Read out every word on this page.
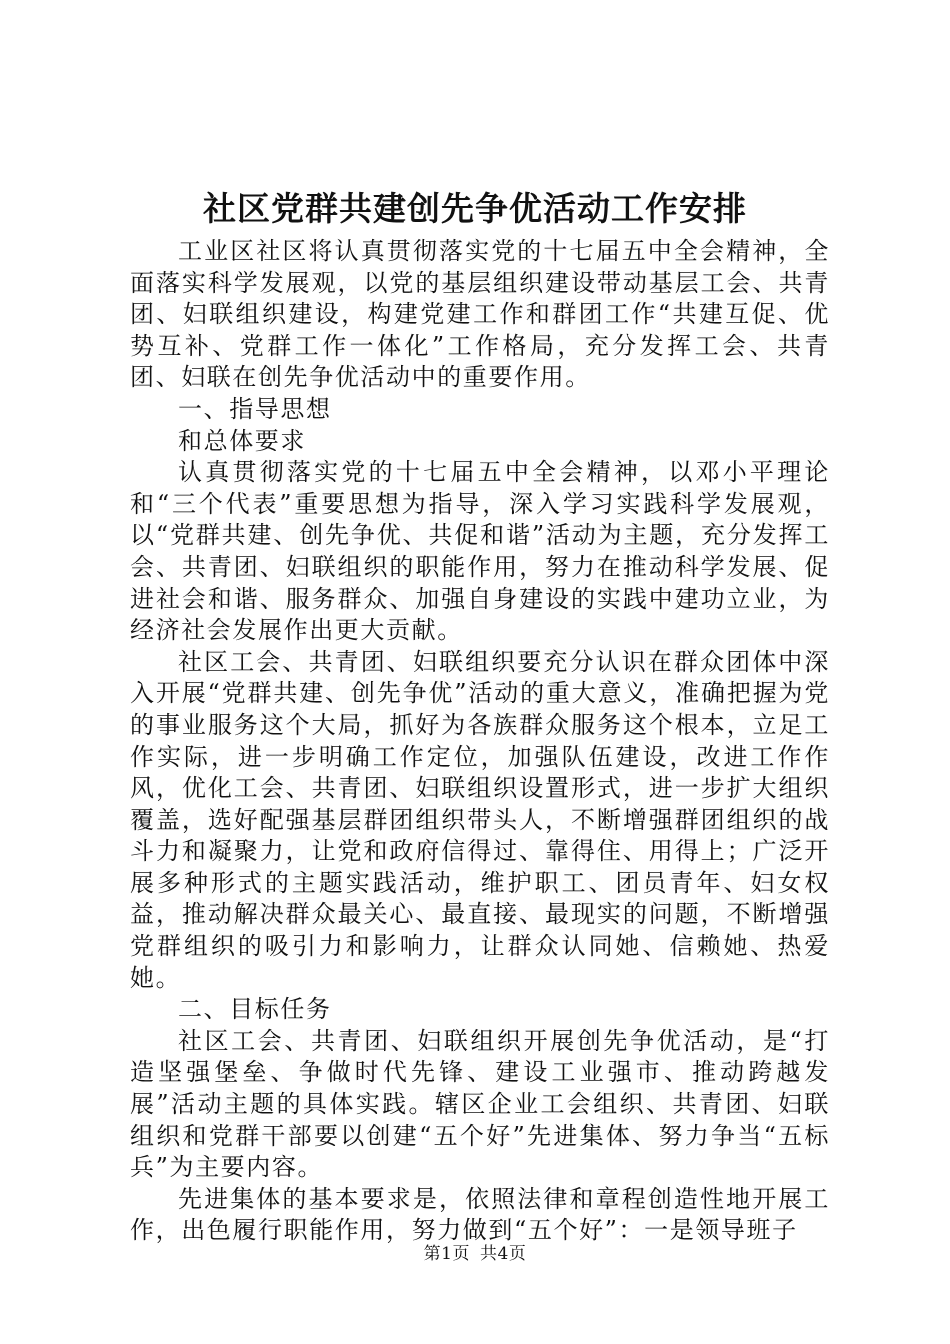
社区党群共建创先争优活动工作安排

工业区社区将认真贯彻落实党的十七届五中全会精神，全面落实科学发展观，以党的基层组织建设带动基层工会、共青团、妇联组织建设，构建党建工作和群团工作“共建互促、优势互补、党群工作一体化”工作格局，充分发挥工会、共青团、妇联在创先争优活动中的重要作用。

一、指导思想

和总体要求

认真贯彻落实党的十七届五中全会精神，以邓小平理论和“三个代表”重要思想为指导，深入学习实践科学发展观，以“党群共建、创先争优、共促和谐”活动为主题，充分发挥工会、共青团、妇联组织的职能作用，努力在推动科学发展、促进社会和谐、服务群众、加强自身建设的实践中建功立业，为经济社会发展作出更大贡献。

社区工会、共青团、妇联组织要充分认识在群众团体中深入开展“党群共建、创先争优”活动的重大意义，准确把握为党的事业服务这个大局，抓好为各族群众服务这个根本，立足工作实际，进一步明确工作定位，加强队伍建设，改进工作作风，优化工会、共青团、妇联组织设置形式，进一步扩大组织覆盖，选好配强基层群团组织带头人，不断增强群团组织的战斗力和凝聚力，让党和政府信得过、靠得住、用得上；广泛开展多种形式的主题实践活动，维护职工、团员青年、妇女权益，推动解决群众最关心、最直接、最现实的问题，不断增强党群组织的吸引力和影响力，让群众认同她、信赖她、热爱她。

二、目标任务

社区工会、共青团、妇联组织开展创先争优活动，是“打造坚强堡垒、争做时代先锋、建设工业强市、推动跨越发展”活动主题的具体实践。辖区企业工会组织、共青团、妇联组织和党群干部要以创建“五个好”先进集体、努力争当“五标兵”为主要内容。

先进集体的基本要求是，依照法律和章程创造性地开展工作，出色履行职能作用，努力做到“五个好”：一是领导班子

第1页 共4页
